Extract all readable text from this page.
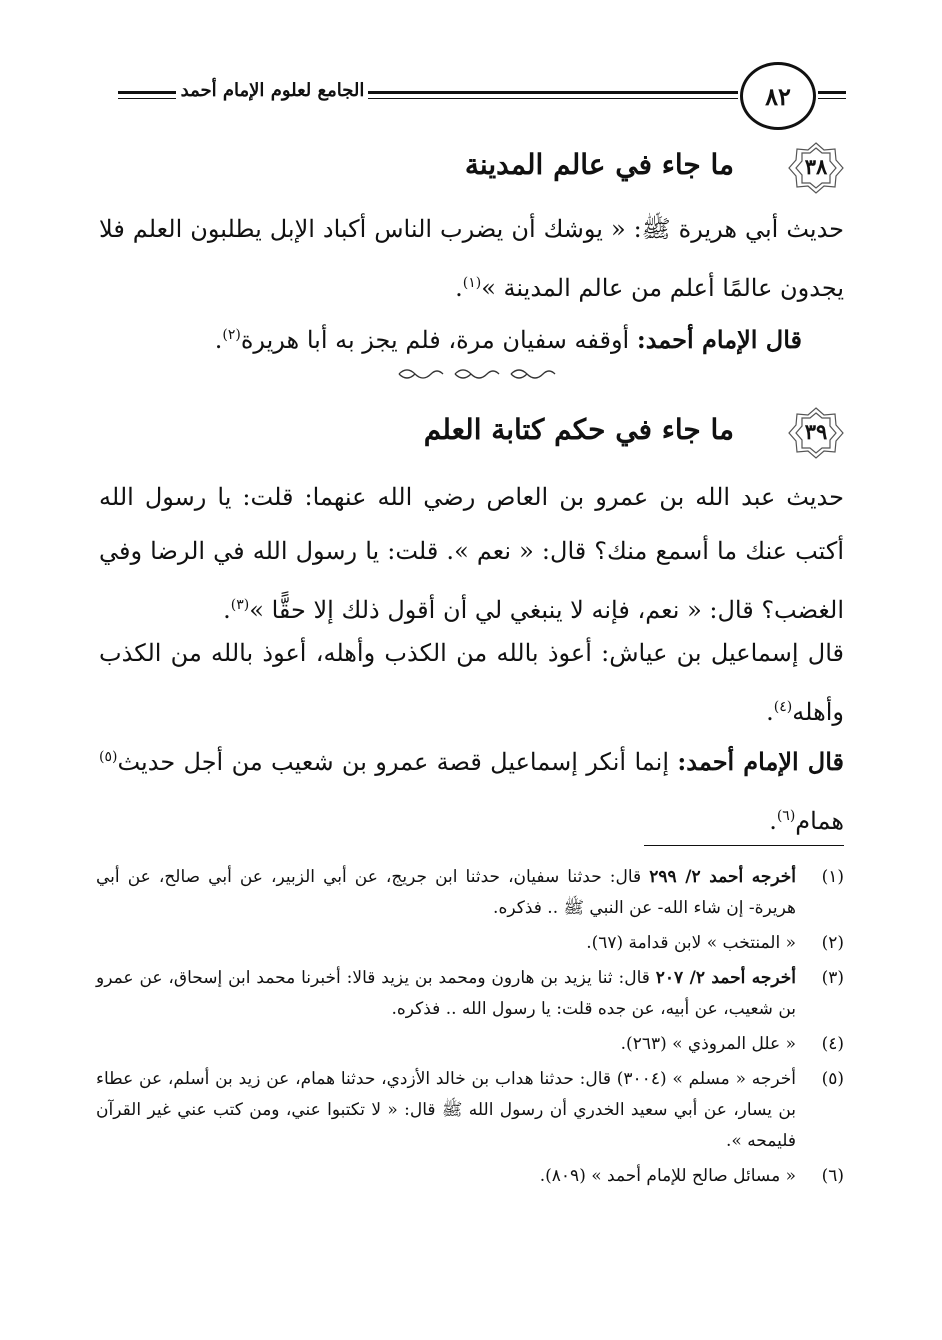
الجامع لعلوم الإمام أحمد	٨٢
٣٨
ما جاء في عالم المدينة
حديث أبي هريرة ﷺ: « يوشك أن يضرب الناس أكباد الإبل يطلبون العلم فلا يجدون عالمًا أعلم من عالم المدينة »$^{(١)}$.
قال الإمام أحمد: أوقفه سفيان مرة، فلم يجز به أبا هريرة$^{(٢)}$.
٣٩
ما جاء في حكم كتابة العلم
حديث عبد الله بن عمرو بن العاص رضي الله عنهما: قلت: يا رسول الله أكتب عنك ما أسمع منك؟ قال: « نعم ». قلت: يا رسول الله في الرضا وفي الغضب؟ قال: « نعم، فإنه لا ينبغي لي أن أقول ذلك إلا حقًّا »$^{(٣)}$.
قال إسماعيل بن عياش: أعوذ بالله من الكذب وأهله، أعوذ بالله من الكذب وأهله$^{(٤)}$.
قال الإمام أحمد: إنما أنكر إسماعيل قصة عمرو بن شعيب من أجل حديث$^{(٥)}$ همام$^{(٦)}$.
(١)
أخرجه أحمد ٢/ ٢٩٩ قال: حدثنا سفيان، حدثنا ابن جريج، عن أبي الزبير، عن أبي صالح، عن أبي هريرة- إن شاء الله- عن النبي ﷺ .. فذكره.
(٢)
« المنتخب » لابن قدامة (٦٧).
(٣)
أخرجه أحمد ٢/ ٢٠٧ قال: ثنا يزيد بن هارون ومحمد بن يزيد قالا: أخبرنا محمد ابن إسحاق، عن عمرو بن شعيب، عن أبيه، عن جده قلت: يا رسول الله .. فذكره.
(٤)
« علل المروذي » (٢٦٣).
(٥)
أخرجه « مسلم » (٣٠٠٤) قال: حدثنا هداب بن خالد الأزدي، حدثنا همام، عن زيد بن أسلم، عن عطاء بن يسار، عن أبي سعيد الخدري أن رسول الله ﷺ قال: « لا تكتبوا عني، ومن كتب عني غير القرآن فليمحه ».
(٦)
« مسائل صالح للإمام أحمد » (٨٠٩).
